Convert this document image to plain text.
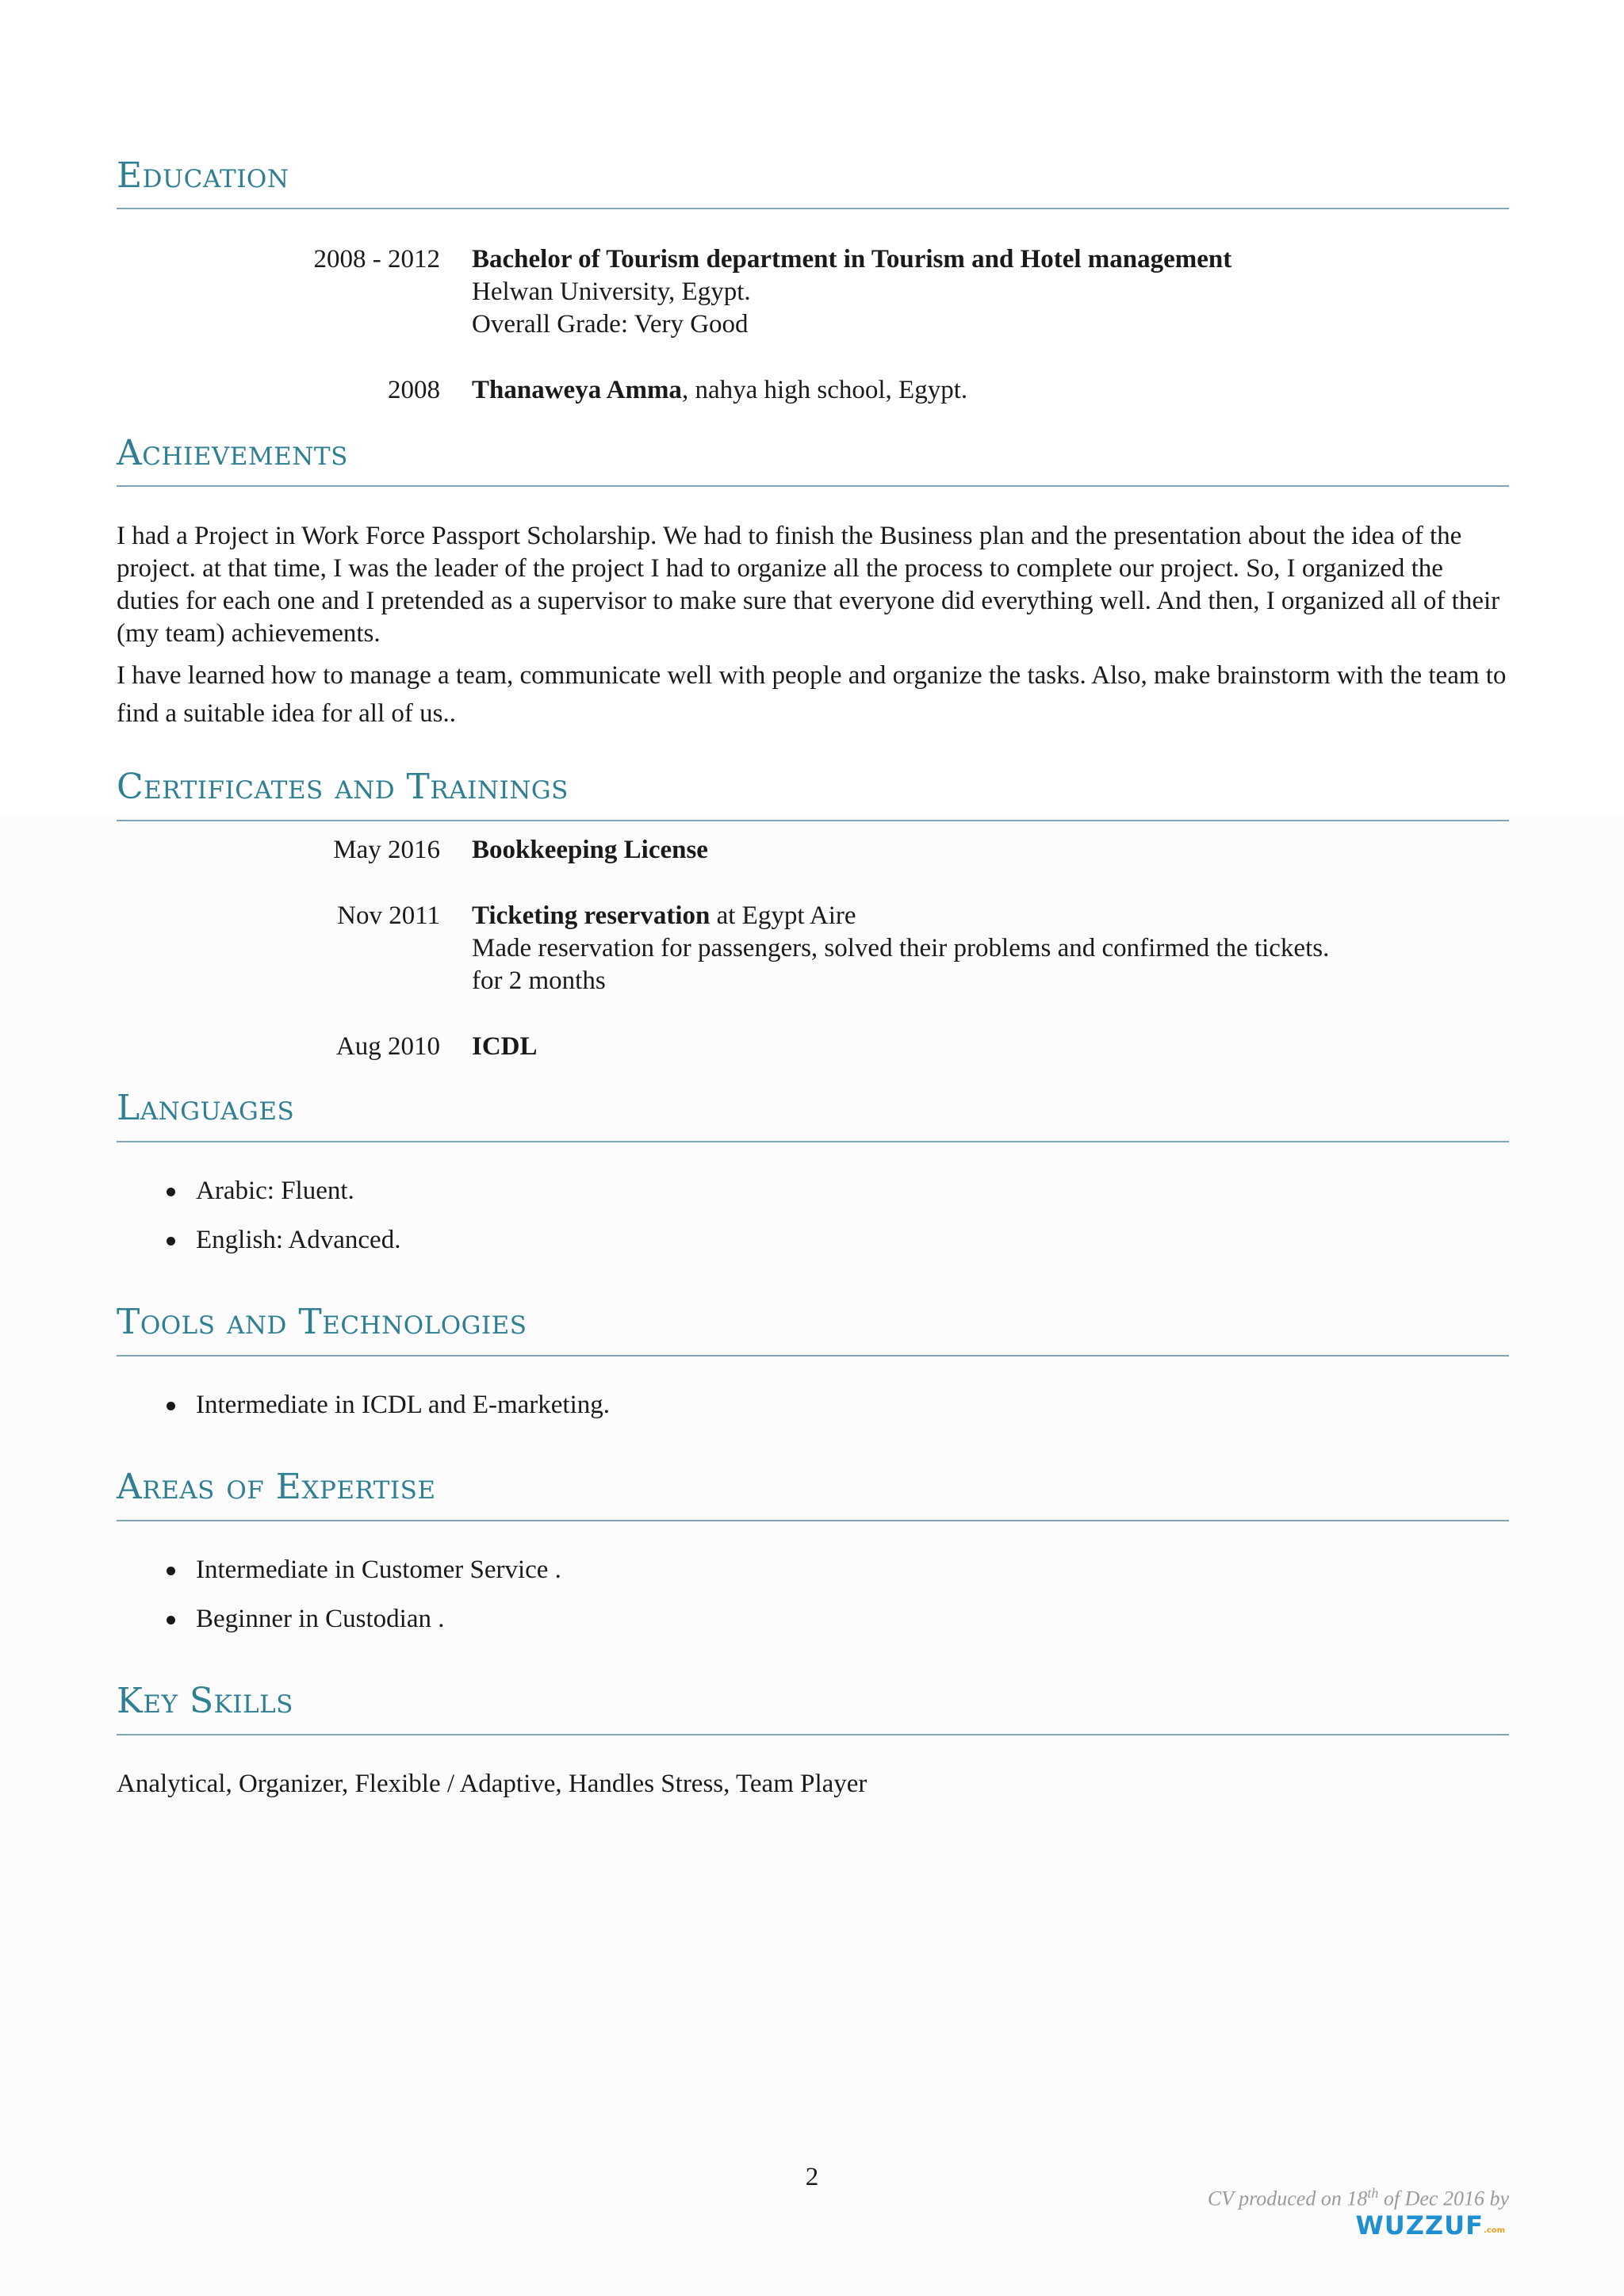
Education
2008 - 2012 Bachelor of Tourism department in Tourism and Hotel management
Helwan University, Egypt.
Overall Grade: Very Good
2008 Thanaweya Amma, nahya high school, Egypt.
Achievements

I had a Project in Work Force Passport Scholarship. We had to finish the Business plan and the presentation about the idea of the project. at that time, I was the leader of the project I had to organize all the process to complete our project. So, I organized the duties for each one and I pretended as a supervisor to make sure that everyone did everything well. And then, I organized all of their (my team) achievements.

I have learned how to manage a team, communicate well with people and organize the tasks. Also, make brainstorm with the team to find a suitable idea for all of us..

Certificates and Trainings
May 2016 Bookkeeping License
Nov 2011 Ticketing reservation at Egypt Aire
Made reservation for passengers, solved their problems and confirmed the tickets.
for 2 months
Aug 2010 ICDL
Languages
Arabic: Fluent.
English: Advanced.
Tools and Technologies
Intermediate in ICDL and E-marketing.
Areas of Expertise
Intermediate in Customer Service .
Beginner in Custodian .
Key Skills

Analytical, Organizer, Flexible / Adaptive, Handles Stress, Team Player

2
CV produced on 18th of Dec 2016 by
WUZZUF.com
